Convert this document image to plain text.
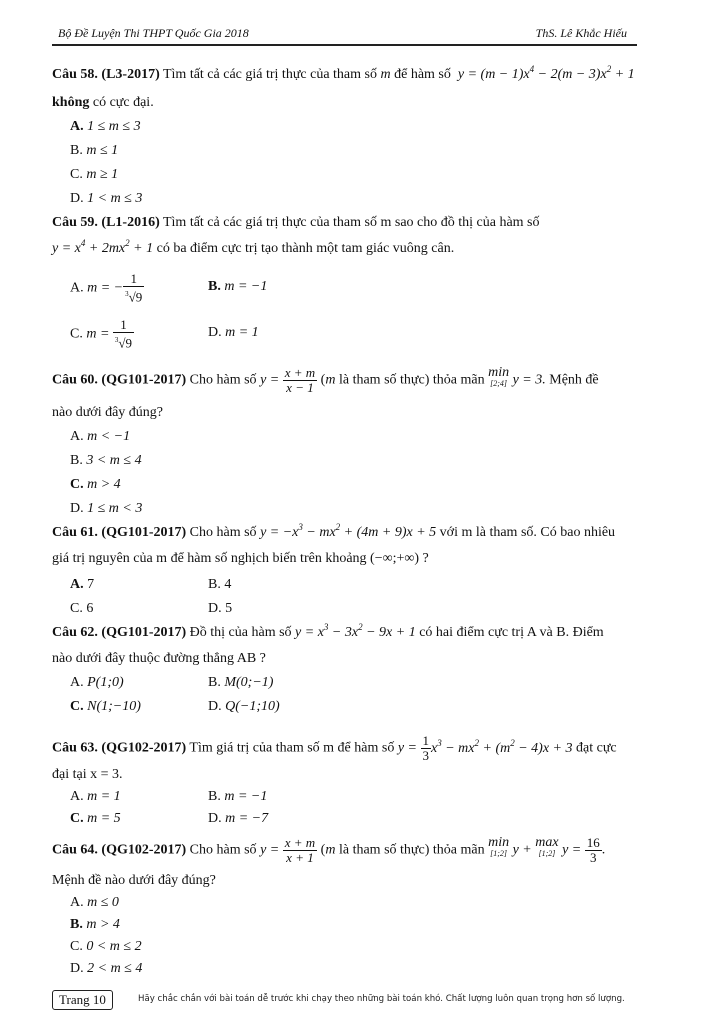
Bộ Đề Luyện Thi THPT Quốc Gia 2018	ThS. Lê Khắc Hiếu
Câu 58. (L3-2017) Tìm tất cả các giá trị thực của tham số m để hàm số  $y = (m - 1)x^4 - 2(m - 3)x^2 + 1$
không có cực đại.
A. 1 ≤ m ≤ 3
B. m ≤ 1
C. m ≥ 1
D. 1 < m ≤ 3
Câu 59. (L1-2016) Tìm tất cả các giá trị thực của tham số m sao cho đồ thị của hàm số
$y = x^4 + 2mx^2 + 1$ có ba điểm cực trị tạo thành một tam giác vuông cân.
A. m = − $\frac{1}{^3√9}$	B. m = −1
C. $m = \frac{1}{^3√9}$	D. m = 1
Câu 60. (QG101-2017) Cho hàm số $y = \frac{x + m}{x - 1} (m$ là tham số thực) thỏa mãn min
[2;4] y = 3. Mệnh đề
nào dưới đây đúng?
A. m < −1
B. 3 < m ≤ 4
C. m > 4
D. 1 ≤ m < 3
Câu 61. (QG101-2017) Cho hàm số $y = -x^3 - mx^2 + (4m + 9)x + 5$ với m là tham số. Có bao nhiêu
giá trị nguyên của m để hàm số nghịch biến trên khoảng (−∞;+∞) ?
A. 7	B. 4
C. 6	D. 5
Câu 62. (QG101-2017) Đồ thị của hàm số $y = x^3 - 3x^2 - 9x + 1$ có hai điểm cực trị A và B. Điểm
nào dưới đây thuộc đường thẳng AB ?
A. P(1;0)	B. M(0;−1)
C. N(1;−10)	D. Q(−1;10)
Câu 63. (QG102-2017) Tìm giá trị của tham số m để hàm số $y = \frac{1}{3} x^3 - mx^2 + (m^2 - 4)x + 3$ đạt cực
đại tại x = 3.
A. m = 1	B. m = −1
C. m = 5	D. m = −7
Câu 64. (QG102-2017) Cho hàm số $y = \frac{x + m}{x + 1} (m$ là tham số thực) thỏa mãn min
[1;2] y + max
[1;2] $y = \frac{16}{3}$ .
Mệnh đề nào dưới đây đúng?
A. m ≤ 0
B. m > 4
C. 0 < m ≤ 2
D. 2 < m ≤ 4
Trang 10	Hãy chắc chắn với bài toán dễ trước khi chạy theo những bài toán khó. Chất lượng luôn quan trọng hơn số lượng.
